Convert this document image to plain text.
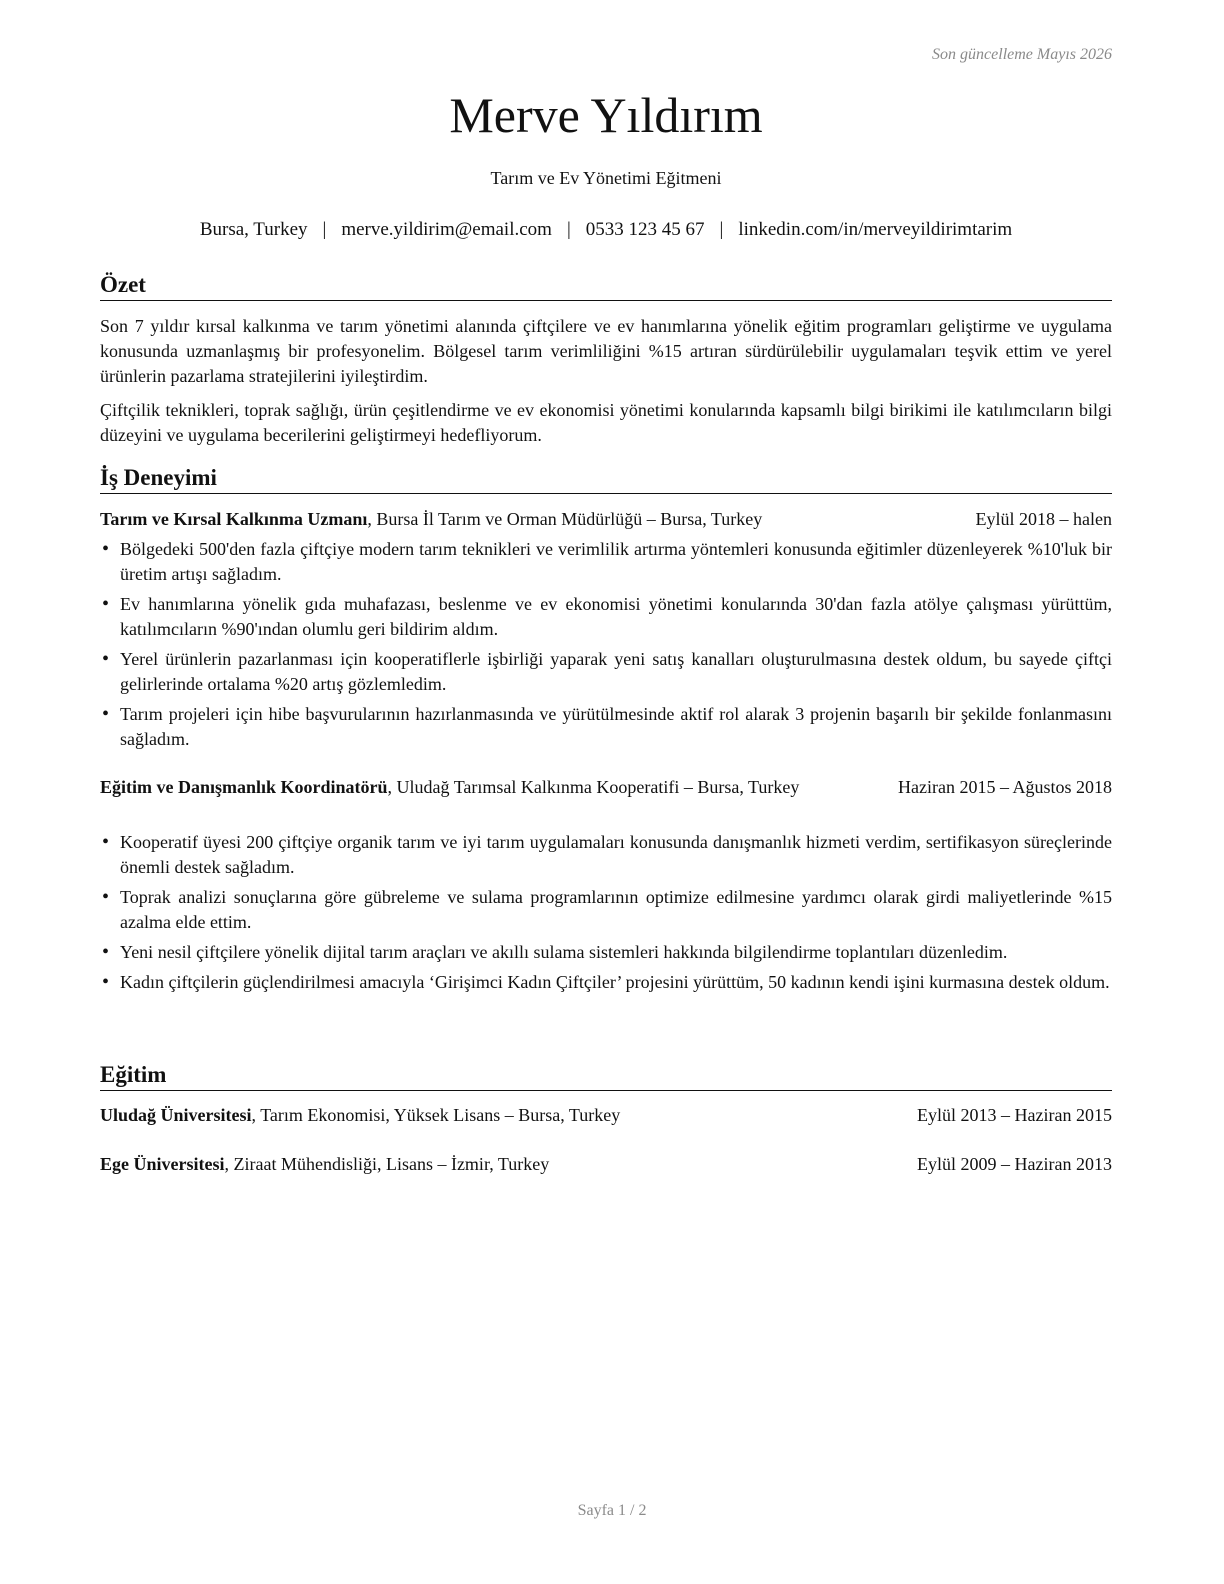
Son güncelleme Mayıs 2026
Merve Yıldırım
Tarım ve Ev Yönetimi Eğitmeni
Bursa, Turkey | merve.yildirim@email.com | 0533 123 45 67 | linkedin.com/in/merveyildirimtarim
Özet

Son 7 yıldır kırsal kalkınma ve tarım yönetimi alanında çiftçilere ve ev hanımlarına yönelik eğitim programları geliştirme ve uygulama konusunda uzmanlaşmış bir profesyonelim. Bölgesel tarım verimliliğini %15 artıran sürdürülebilir uygulamaları teşvik ettim ve yerel ürünlerin pazarlama stratejilerini iyileştirdim.

Çiftçilik teknikleri, toprak sağlığı, ürün çeşitlendirme ve ev ekonomisi yönetimi konularında kapsamlı bilgi birikimi ile katılımcıların bilgi düzeyini ve uygulama becerilerini geliştirmeyi hedefliyorum.

İş Deneyimi
Tarım ve Kırsal Kalkınma Uzmanı, Bursa İl Tarım ve Orman Müdürlüğü – Bursa, Turkey	Eylül 2018 – halen
• Bölgedeki 500'den fazla çiftçiye modern tarım teknikleri ve verimlilik artırma yöntemleri konusunda eğitimler düzenleyerek %10'luk bir üretim artışı sağladım.
• Ev hanımlarına yönelik gıda muhafazası, beslenme ve ev ekonomisi yönetimi konularında 30'dan fazla atölye çalışması yürüttüm, katılımcıların %90'ından olumlu geri bildirim aldım.
• Yerel ürünlerin pazarlanması için kooperatiflerle işbirliği yaparak yeni satış kanalları oluşturulmasına destek oldum, bu sayede çiftçi gelirlerinde ortalama %20 artış gözlemledim.
• Tarım projeleri için hibe başvurularının hazırlanmasında ve yürütülmesinde aktif rol alarak 3 projenin başarılı bir şekilde fonlanmasını sağladım.
Eğitim ve Danışmanlık Koordinatörü, Uludağ Tarımsal Kalkınma Kooperatifi – Bursa, Turkey	Haziran 2015 – Ağustos 2018
• Kooperatif üyesi 200 çiftçiye organik tarım ve iyi tarım uygulamaları konusunda danışmanlık hizmeti verdim, sertifikasyon süreçlerinde önemli destek sağladım.
• Toprak analizi sonuçlarına göre gübreleme ve sulama programlarının optimize edilmesine yardımcı olarak girdi maliyetlerinde %15 azalma elde ettim.
• Yeni nesil çiftçilere yönelik dijital tarım araçları ve akıllı sulama sistemleri hakkında bilgilendirme toplantıları düzenledim.
• Kadın çiftçilerin güçlendirilmesi amacıyla ‘Girişimci Kadın Çiftçiler’ projesini yürüttüm, 50 kadının kendi işini kurmasına destek oldum.
Eğitim
Uludağ Üniversitesi, Tarım Ekonomisi, Yüksek Lisans – Bursa, Turkey	Eylül 2013 – Haziran 2015
Ege Üniversitesi, Ziraat Mühendisliği, Lisans – İzmir, Turkey	Eylül 2009 – Haziran 2013
Sayfa 1 / 2
